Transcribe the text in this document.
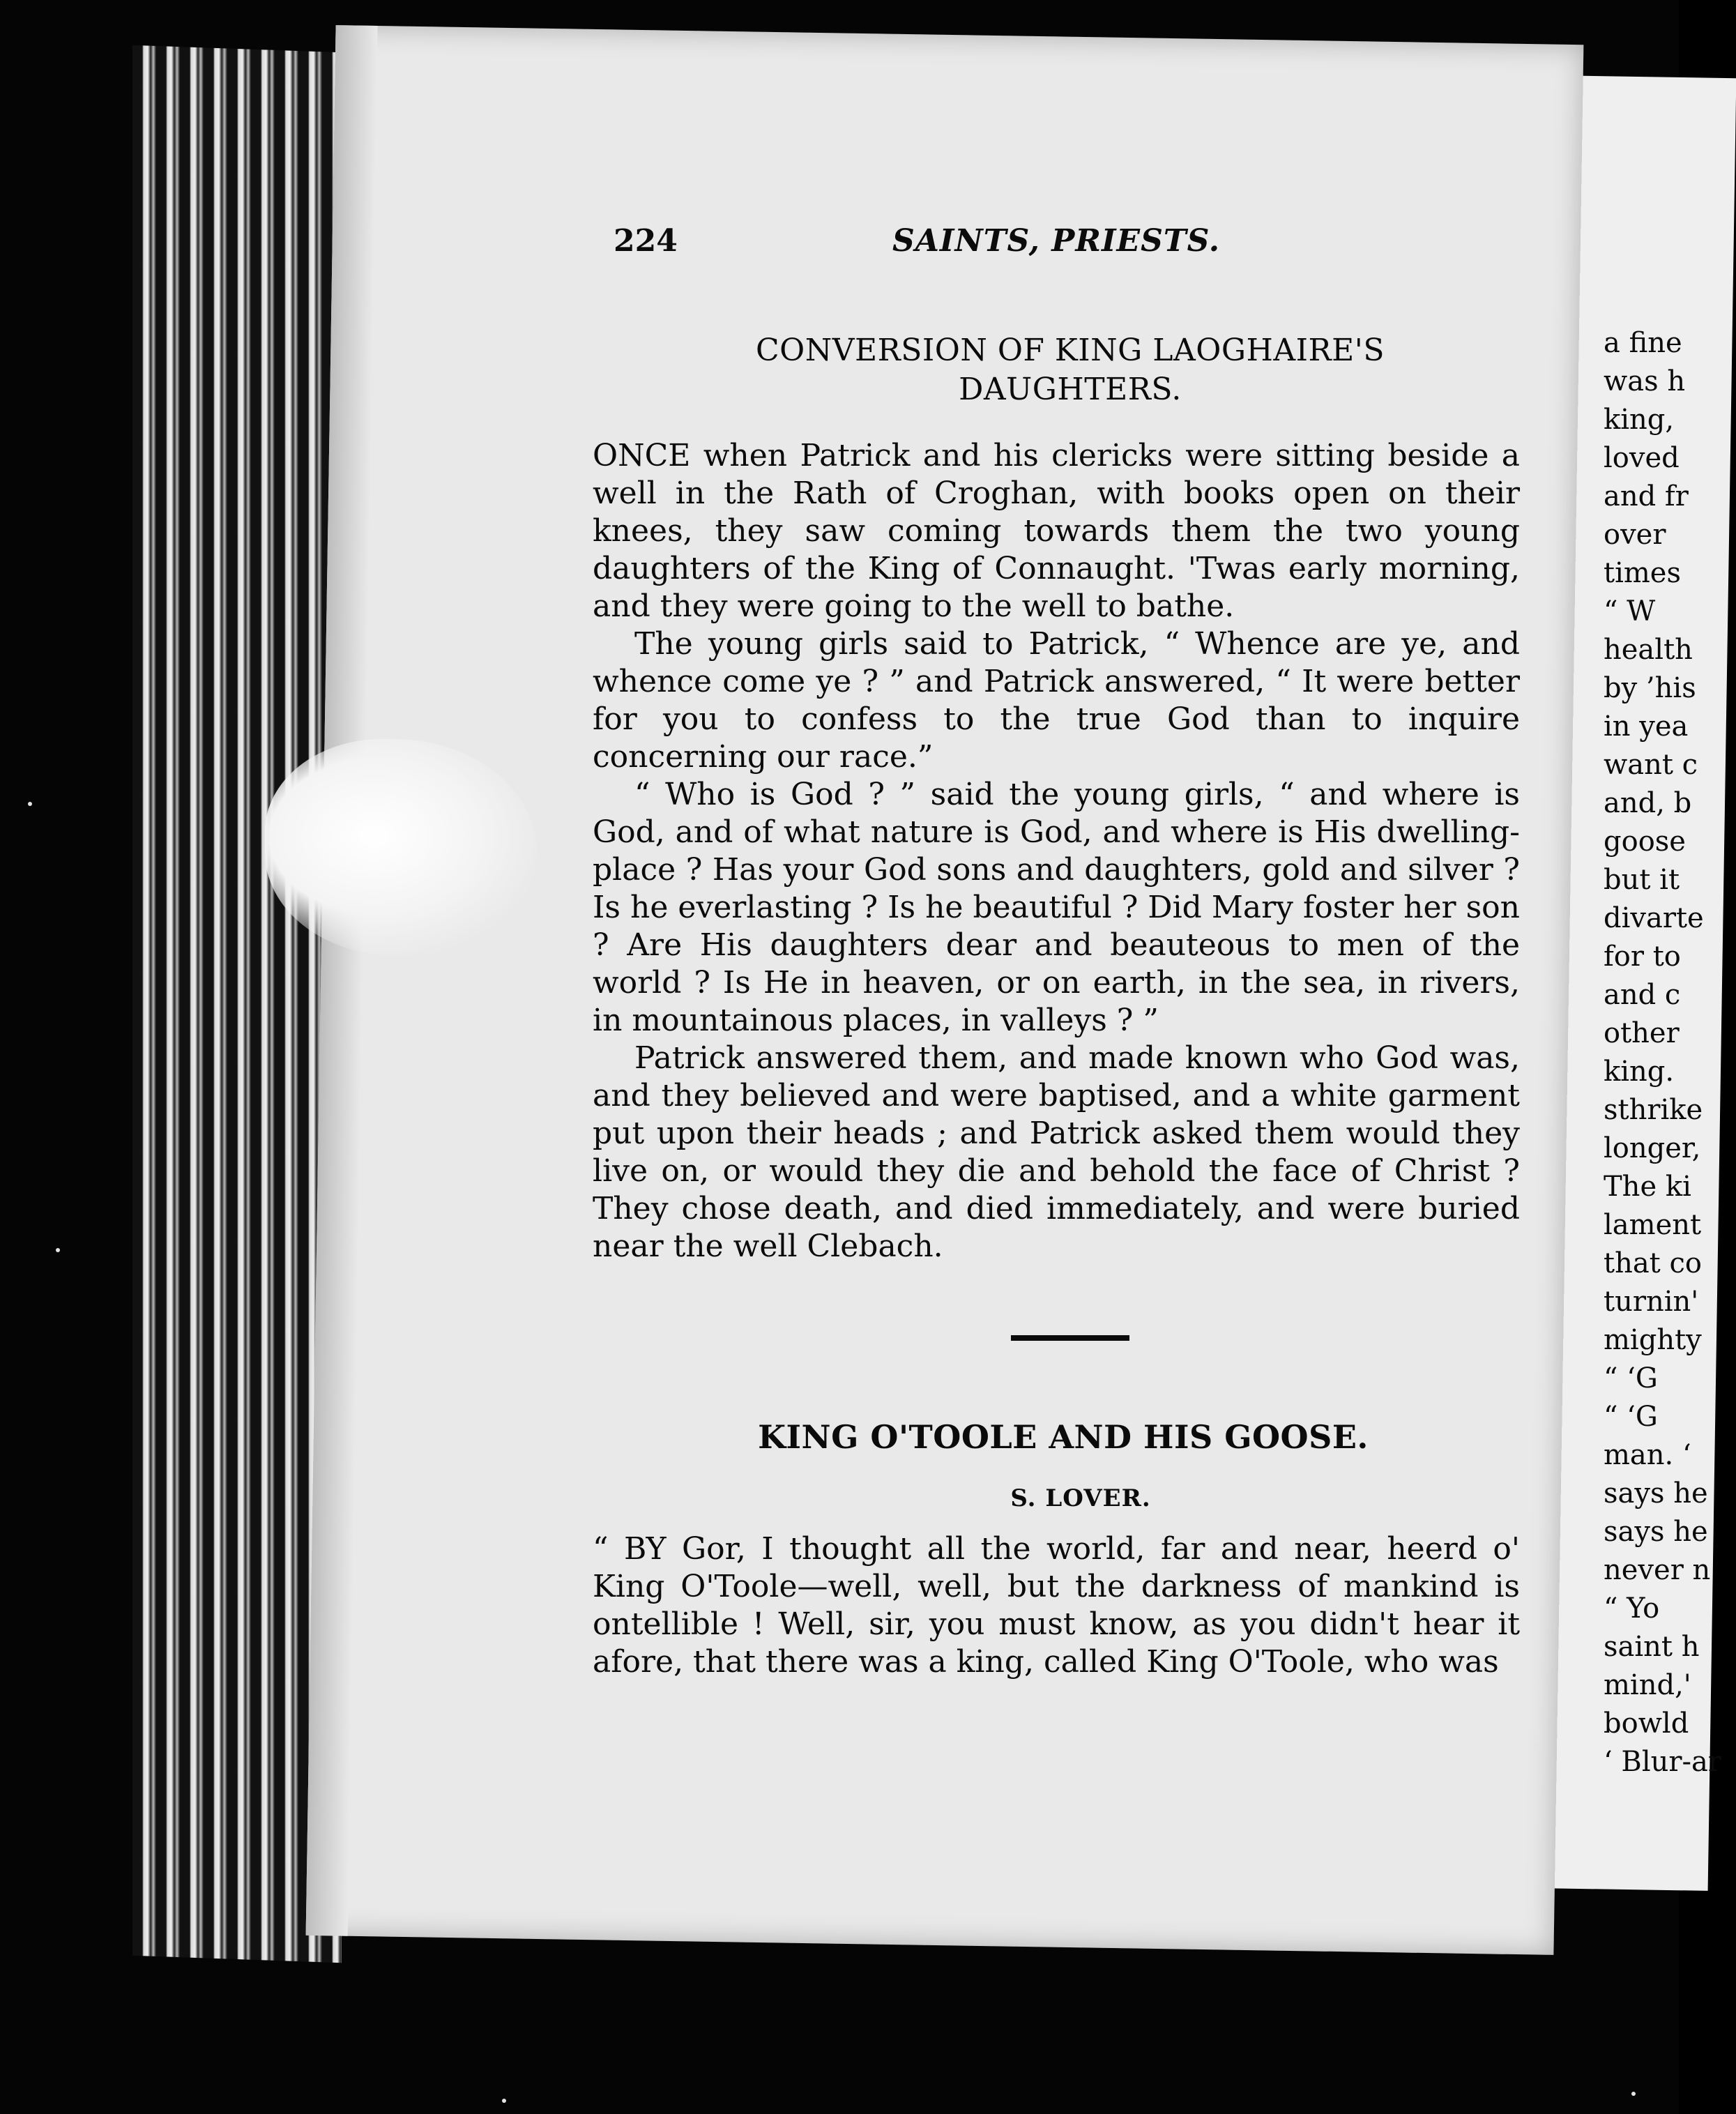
a fine
was h
king,
loved
and fr
over
times
“ W
health
by ’his
in yea
want c
and, b
goose
but it
divarte
for to
and c
other
king.
sthrike
longer,
The ki
lament
that co
turnin'
mighty
“ ‘G
“ ‘G
man. ‘
says he
says he
never n
“ Yo
saint h
mind,'
bowld
‘ Blur-ar
224	SAINTS, PRIESTS.
CONVERSION OF KING LAOGHAIRE'S
DAUGHTERS.

ONCE when Patrick and his clericks were sitting beside a well in the Rath of Croghan, with books open on their knees, they saw coming towards them the two young daughters of the King of Connaught. 'Twas early morning, and they were going to the well to bathe.

The young girls said to Patrick, “ Whence are ye, and whence come ye ? ” and Patrick answered, “ It were better for you to confess to the true God than to inquire concerning our race.”

“ Who is God ? ” said the young girls, “ and where is God, and of what nature is God, and where is His dwelling-place ? Has your God sons and daughters, gold and silver ? Is he everlasting ? Is he beautiful ? Did Mary foster her son ? Are His daughters dear and beauteous to men of the world ? Is He in heaven, or on earth, in the sea, in rivers, in mountainous places, in valleys ? ”

Patrick answered them, and made known who God was, and they believed and were baptised, and a white garment put upon their heads ; and Patrick asked them would they live on, or would they die and behold the face of Christ ? They chose death, and died immediately, and were buried near the well Clebach.

KING O'TOOLE AND HIS GOOSE.
S. LOVER.

“ BY Gor, I thought all the world, far and near, heerd o' King O'Toole—well, well, but the darkness of mankind is ontellible ! Well, sir, you must know, as you didn't hear it afore, that there was a king, called King O'Toole, who was
